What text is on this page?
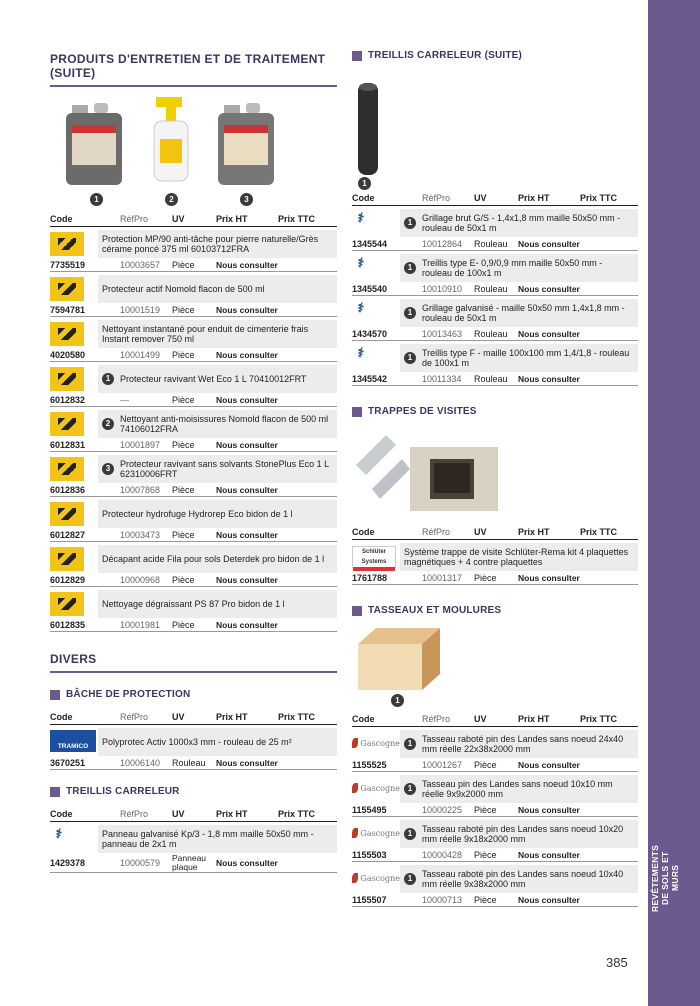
REVÊTEMENTS DE SOLS ET MURS
385
PRODUITS D'ENTRETIEN ET DE TRAITEMENT
(SUITE)
1	2	3
Code	RéfPro	UV	Prix HT	Prix TTC
Protection MP/90 anti-tâche pour pierre naturelle/Grès cérame poncé 375 ml 60103712FRA
7735519	10003657	Pièce	Nous consulter
Protecteur actif Nomold flacon de 500 ml
7594781	10001519	Pièce	Nous consulter
Nettoyant instantané pour enduit de cimenterie frais Instant remover 750 ml
4020580	10001499	Pièce	Nous consulter
1	Protecteur ravivant Wet Eco 1 L 70410012FRT
6012832	—	Pièce	Nous consulter
2	Nettoyant anti-moisissures Nomold flacon de 500 ml 74106012FRA
6012831	10001897	Pièce	Nous consulter
3	Protecteur ravivant sans solvants StonePlus Eco 1 L 62310006FRT
6012836	10007868	Pièce	Nous consulter
Protecteur hydrofuge Hydrorep Eco bidon de 1 l
6012827	10003473	Pièce	Nous consulter
Décapant acide Fila pour sols Deterdek pro bidon de 1 l
6012829	10000968	Pièce	Nous consulter
Nettoyage dégraissant PS 87 Pro bidon de 1 l
6012835	10001981	Pièce	Nous consulter
DIVERS
BÂCHE DE PROTECTION
Code	RéfPro	UV	Prix HT	Prix TTC
TRAMICO	Polyprotec Activ 1000x3 mm - rouleau de 25 m²
3670251	10006140	Rouleau	Nous consulter
TREILLIS CARRELEUR
Code	RéfPro	UV	Prix HT	Prix TTC
⚕	Panneau galvanisé Kp/3 - 1,8 mm maille 50x50 mm - panneau de 2x1 m
1429378	10000579	Panneau plaque	Nous consulter
TREILLIS CARRELEUR (SUITE)
1
Code	RéfPro	UV	Prix HT	Prix TTC
⚕	1	Grillage brut G/S - 1,4x1,8 mm maille 50x50 mm - rouleau de 50x1 m
1345544	10012864	Rouleau	Nous consulter
⚕	1	Treillis type E- 0,9/0,9 mm maille 50x50 mm - rouleau de 100x1 m
1345540	10010910	Rouleau	Nous consulter
⚕	1	Grillage galvanisé - maille 50x50 mm 1,4x1,8 mm - rouleau de 50x1 m
1434570	10013463	Rouleau	Nous consulter
⚕	1	Treillis type F - maille 100x100 mm 1,4/1,8 - rouleau de 100x1 m
1345542	10011334	Rouleau	Nous consulter
TRAPPES DE VISITES
Code	RéfPro	UV	Prix HT	Prix TTC
Schlüter Systems
Système trappe de visite Schlüter-Rema kit 4 plaquettes magnétiques + 4 contre plaquettes
1761788	10001317	Pièce	Nous consulter
TASSEAUX ET MOULURES
1
Code	RéfPro	UV	Prix HT	Prix TTC
Gascogne 1	Tasseau raboté pin des Landes sans noeud 24x40 mm réelle 22x38x2000 mm
1155525	10001267	Pièce	Nous consulter
Gascogne 1	Tasseau pin des Landes sans noeud 10x10 mm réelle 9x9x2000 mm
1155495	10000225	Pièce	Nous consulter
Gascogne 1	Tasseau raboté pin des Landes sans noeud 10x20 mm réelle 9x18x2000 mm
1155503	10000428	Pièce	Nous consulter
Gascogne 1	Tasseau raboté pin des Landes sans noeud 10x40 mm réelle 9x38x2000 mm
1155507	10000713	Pièce	Nous consulter
